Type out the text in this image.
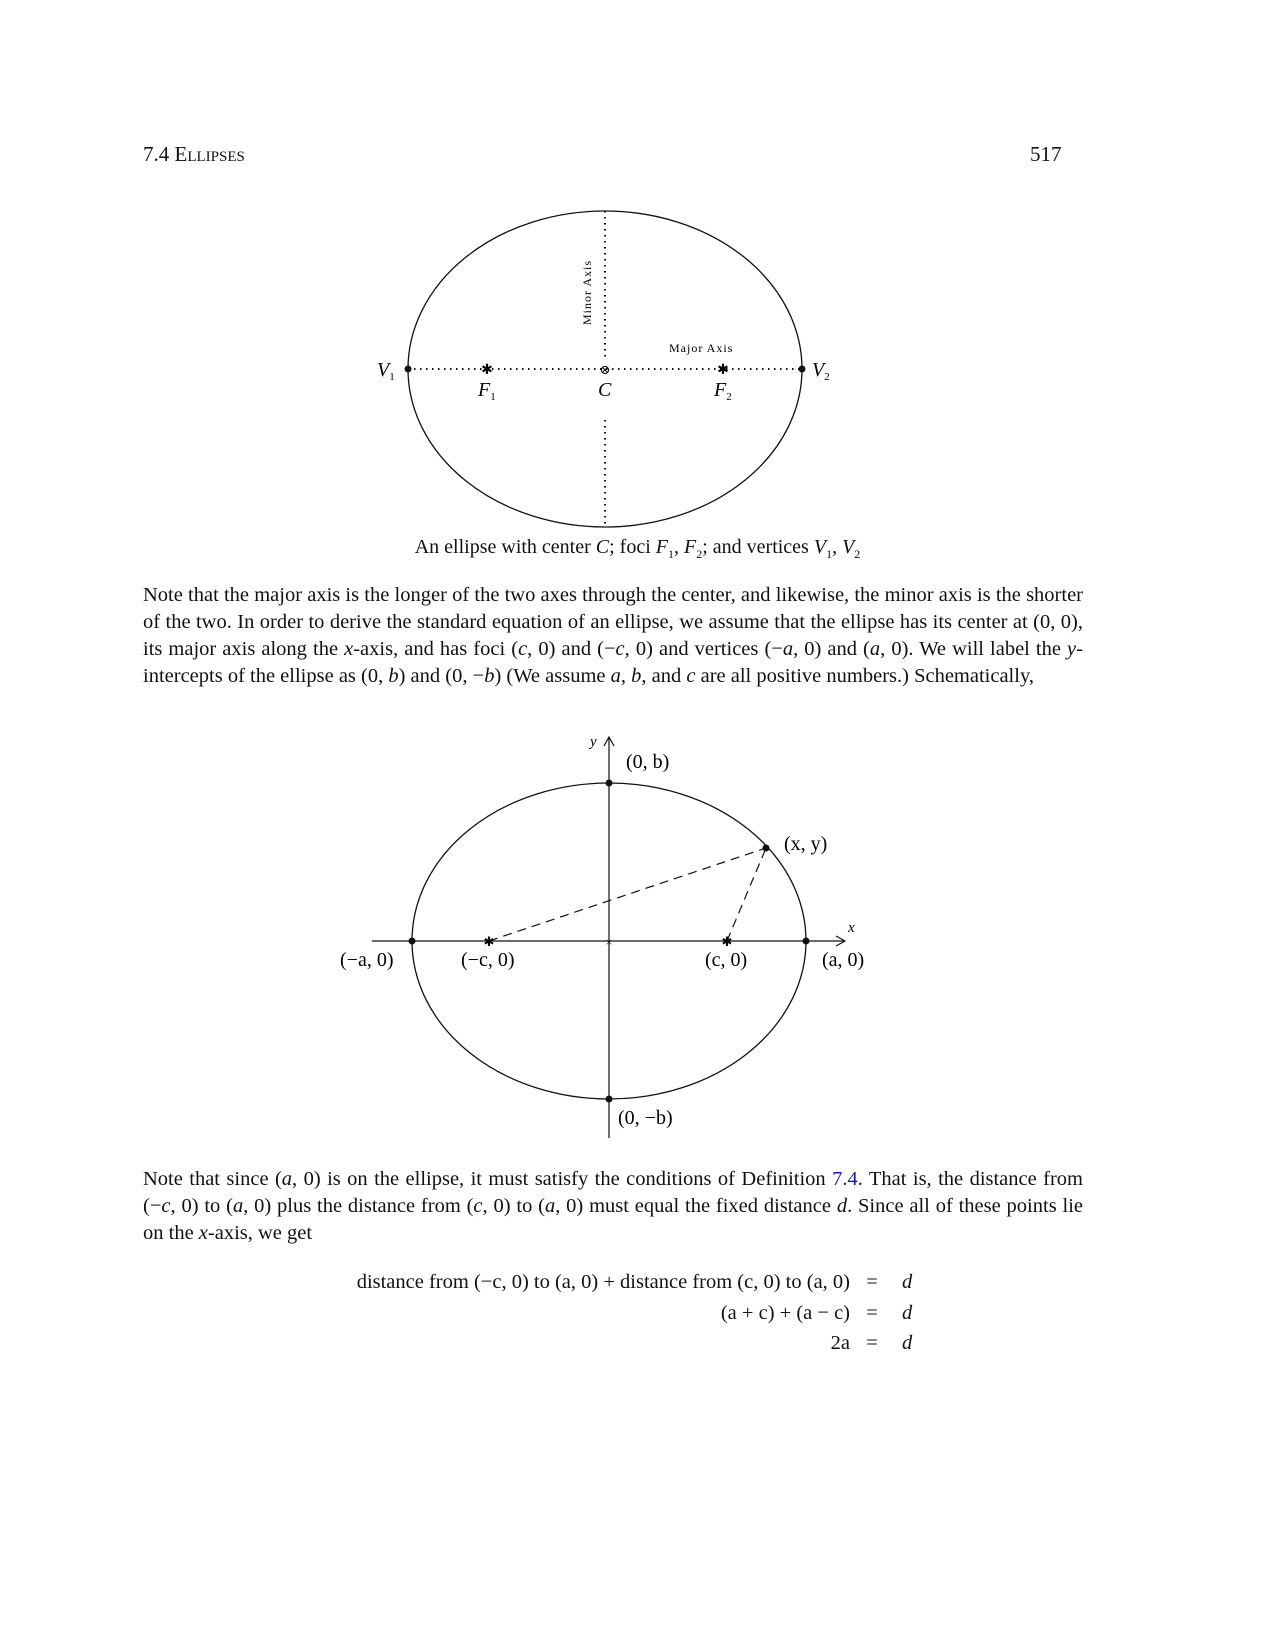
7.4 Ellipses	517
✱	✱
⊗
Minor Axis
Major Axis
$V_1$	$V_2$
$F_1$	$F_2$
C
An ellipse with center C; foci $F_1$, $F_2$; and vertices $V_1$, $V_2$
Note that the major axis is the longer of the two axes through the center, and likewise, the minor axis is the shorter of the two. In order to derive the standard equation of an ellipse, we assume that the ellipse has its center at (0, 0), its major axis along the x-axis, and has foci (c, 0) and (−c, 0) and vertices (−a, 0) and (a, 0). We will label the y-intercepts of the ellipse as (0, b) and (0, −b) (We assume a, b, and c are all positive numbers.) Schematically,
✱	✱
×
y
x
(0, b)
(0, −b)
(−a, 0)	(a, 0)
(−c, 0)	(c, 0)
(x, y)
Note that since (a, 0) is on the ellipse, it must satisfy the conditions of Definition 7.4. That is, the distance from (−c, 0) to (a, 0) plus the distance from (c, 0) to (a, 0) must equal the fixed distance d. Since all of these points lie on the x-axis, we get
distance from (−c, 0) to (a, 0) + distance from (c, 0) to (a, 0) = d
(a + c) + (a − c) = d
2a = d
